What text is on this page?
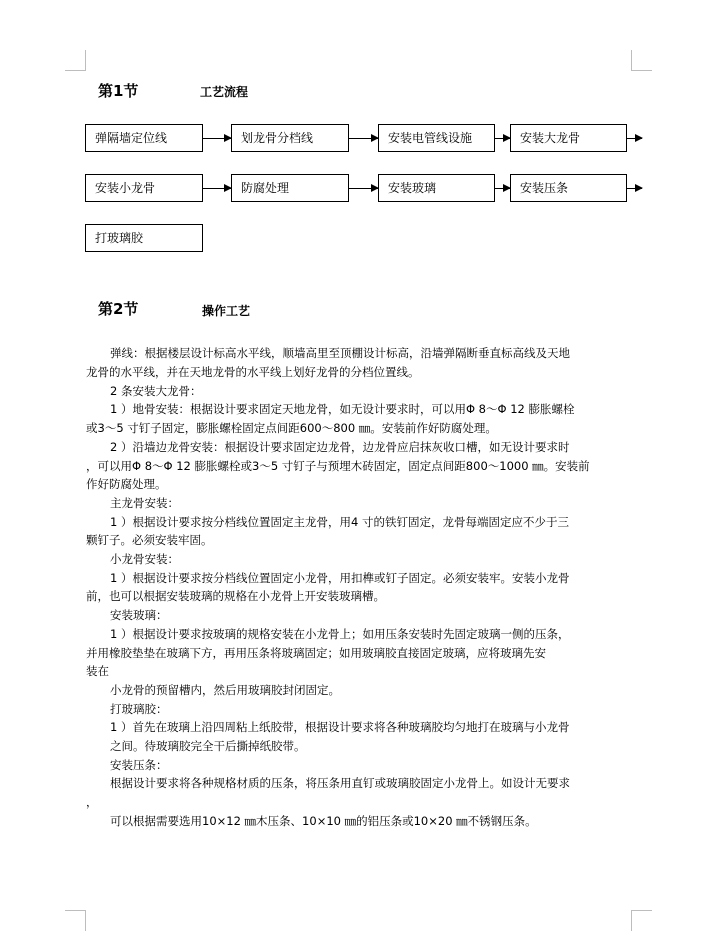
第1节	工艺流程
弹隔墙定位线	划龙骨分档线	安装电管线设施	安装大龙骨
安装小龙骨	防腐处理	安装玻璃	安装压条
打玻璃胶
第2节	操作工艺
弹线：根据楼层设计标高水平线，顺墙高里至顶棚设计标高，沿墙弹隔断垂直标高线及天地
龙骨的水平线，并在天地龙骨的水平线上划好龙骨的分档位置线。
2 条安装大龙骨：
1 ）地骨安装：根据设计要求固定天地龙骨，如无设计要求时，可以用Φ 8～Φ 12 膨胀螺栓
或3～5 寸钉子固定，膨胀螺栓固定点间距600～800 ㎜。安装前作好防腐处理。
2 ）沿墙边龙骨安装：根据设计要求固定边龙骨，边龙骨应启抹灰收口槽，如无设计要求时
，可以用Φ 8～Φ 12 膨胀螺栓或3～5 寸钉子与预埋木砖固定，固定点间距800～1000 ㎜。安装前
作好防腐处理。
主龙骨安装：
1 ）根据设计要求按分档线位置固定主龙骨，用4 寸的铁钉固定，龙骨每端固定应不少于三
颗钉子。必须安装牢固。
小龙骨安装：
1 ）根据设计要求按分档线位置固定小龙骨，用扣榫或钉子固定。必须安装牢。安装小龙骨
前，也可以根据安装玻璃的规格在小龙骨上开安装玻璃槽。
安装玻璃：
1 ）根据设计要求按玻璃的规格安装在小龙骨上；如用压条安装时先固定玻璃一侧的压条，
并用橡胶垫垫在玻璃下方，再用压条将玻璃固定；如用玻璃胶直接固定玻璃，应将玻璃先安
装在
小龙骨的预留槽内，然后用玻璃胶封闭固定。
打玻璃胶：
1 ）首先在玻璃上沿四周粘上纸胶带，根据设计要求将各种玻璃胶均匀地打在玻璃与小龙骨
之间。待玻璃胶完全干后撕掉纸胶带。
安装压条：
根据设计要求将各种规格材质的压条，将压条用直钉或玻璃胶固定小龙骨上。如设计无要求
，
可以根据需要选用10×12 ㎜木压条、10×10 ㎜的铝压条或10×20 ㎜不锈钢压条。
